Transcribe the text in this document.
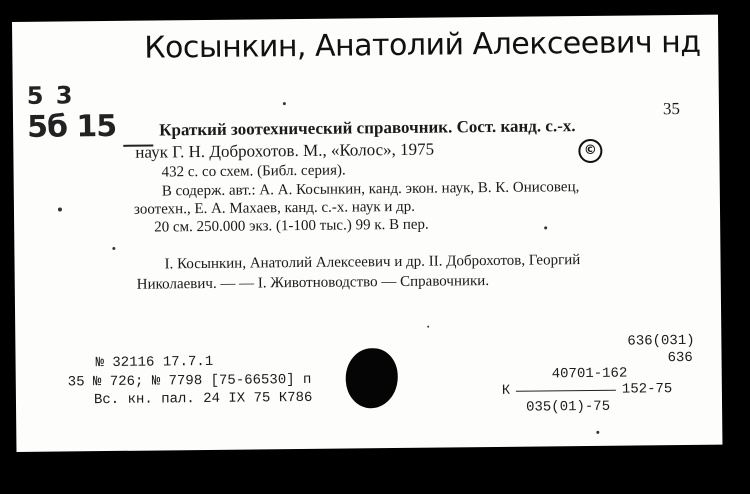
Косынкин, Анатолий Алексеевич нд
5 3
5б 15
35
Краткий зоотехнический справочник. Сост. канд. с.-х.
наук Г. Н. Доброхотов. М., «Колос», 1975	©
432 с. со схем. (Библ. серия).
В содерж. авт.: А. А. Косынкин, канд. экон. наук, В. К. Онисовец,
зоотехн., Е. А. Махаев, канд. с.-х. наук и др.
20 см. 250.000 экз. (1-100 тыс.) 99 к. В пер.
I. Косынкин, Анатолий Алексеевич и др. II. Доброхотов, Георгий
Николаевич. — — I. Животноводство — Справочники.
636(031)
636
№ 32116 17.7.1
35 № 726; № 7798 [75-66530] п
Вс. кн. пал. 24 IX 75 К786
40701-162
К	152-75
035(01)-75
